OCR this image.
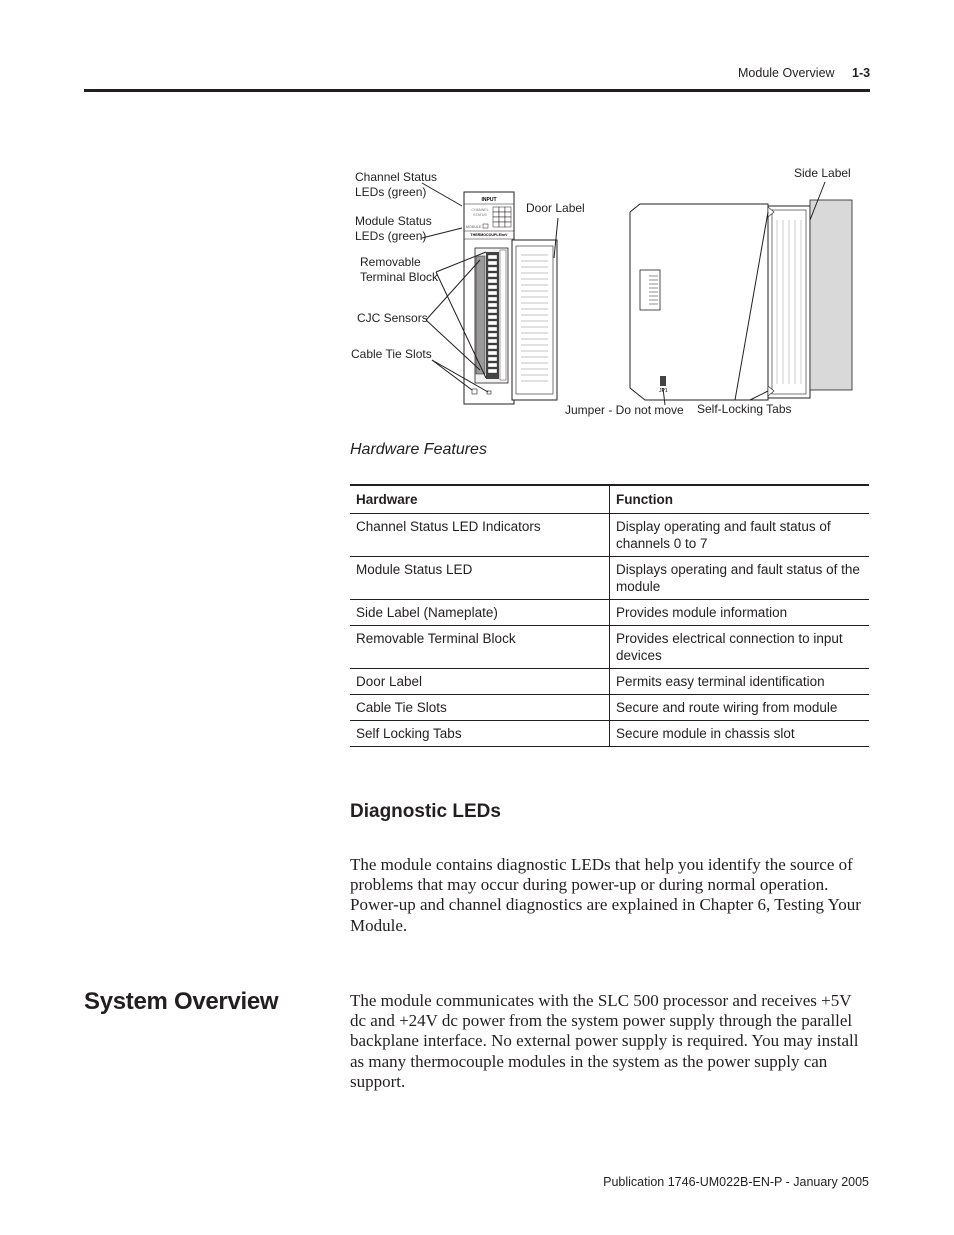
Module Overview 1-3
INPUT
CHANNEL
STATUS
MODULE
THERMOCOUPLE/mV
JP1
Channel Status LEDs (green)
Module Status LEDs (green)
Removable Terminal Block
CJC Sensors
Cable Tie Slots
Door Label
Side Label
Jumper - Do not move Self-Locking Tabs
Hardware Features
Hardware	Function
Channel Status LED Indicators	Display operating and fault status of channels 0 to 7
Module Status LED	Displays operating and fault status of the module
Side Label (Nameplate)	Provides module information
Removable Terminal Block	Provides electrical connection to input devices
Door Label	Permits easy terminal identification
Cable Tie Slots	Secure and route wiring from module
Self Locking Tabs	Secure module in chassis slot
Diagnostic LEDs
The module contains diagnostic LEDs that help you identify the source of problems that may occur during power-up or during normal operation. Power-up and channel diagnostics are explained in Chapter 6, Testing Your Module.
System Overview	The module communicates with the SLC 500 processor and receives +5V dc and +24V dc power from the system power supply through the parallel backplane interface. No external power supply is required. You may install as many thermocouple modules in the system as the power supply can support.
Publication 1746-UM022B-EN-P - January 2005
